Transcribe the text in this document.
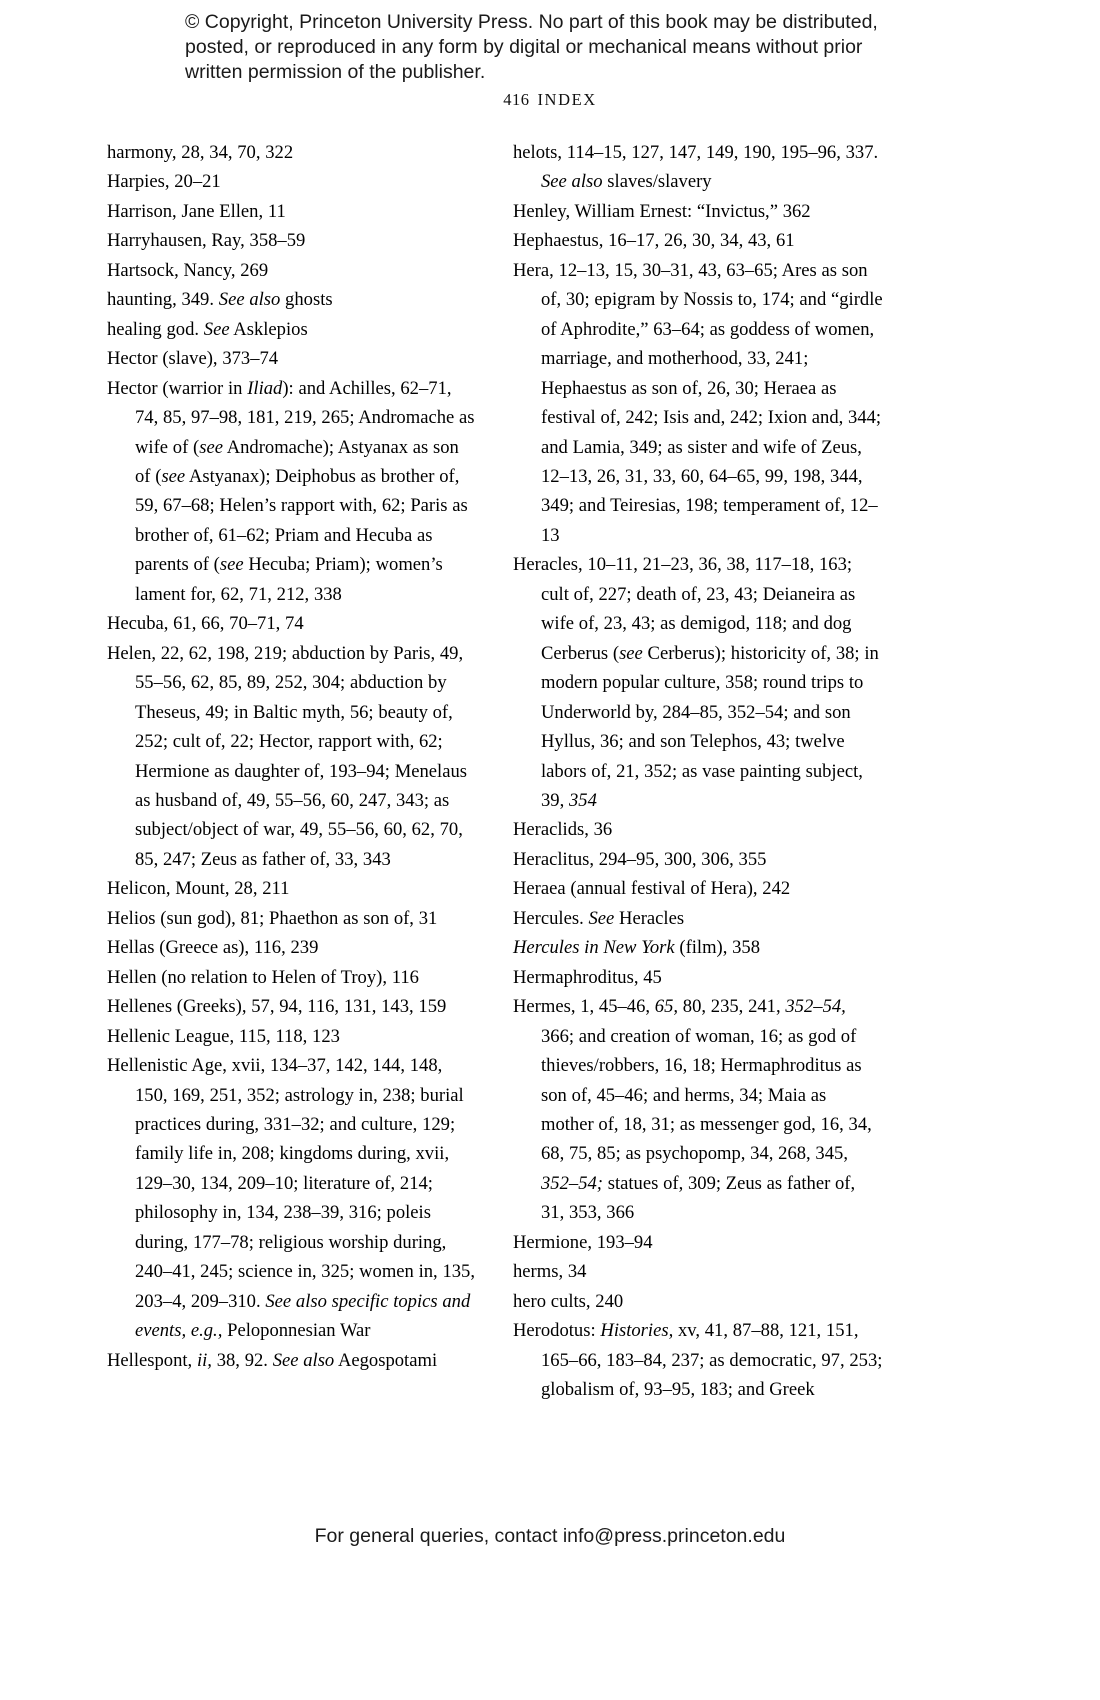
© Copyright, Princeton University Press. No part of this book may be distributed, posted, or reproduced in any form by digital or mechanical means without prior written permission of the publisher.
416 INDEX

harmony, 28, 34, 70, 322

Harpies, 20–21

Harrison, Jane Ellen, 11

Harryhausen, Ray, 358–59

Hartsock, Nancy, 269

haunting, 349. See also ghosts

healing god. See Asklepios

Hector (slave), 373–74

Hector (warrior in Iliad): and Achilles, 62–71, 74, 85, 97–98, 181, 219, 265; Andromache as wife of (see Andromache); Astyanax as son of (see Astyanax); Deiphobus as brother of, 59, 67–68; Helen’s rapport with, 62; Paris as brother of, 61–62; Priam and Hecuba as parents of (see Hecuba; Priam); women’s lament for, 62, 71, 212, 338

Hecuba, 61, 66, 70–71, 74

Helen, 22, 62, 198, 219; abduction by Paris, 49, 55–56, 62, 85, 89, 252, 304; abduction by Theseus, 49; in Baltic myth, 56; beauty of, 252; cult of, 22; Hector, rapport with, 62; Hermione as daughter of, 193–94; Menelaus as husband of, 49, 55–56, 60, 247, 343; as subject/object of war, 49, 55–56, 60, 62, 70, 85, 247; Zeus as father of, 33, 343

Helicon, Mount, 28, 211

Helios (sun god), 81; Phaethon as son of, 31

Hellas (Greece as), 116, 239

Hellen (no relation to Helen of Troy), 116

Hellenes (Greeks), 57, 94, 116, 131, 143, 159

Hellenic League, 115, 118, 123

Hellenistic Age, xvii, 134–37, 142, 144, 148, 150, 169, 251, 352; astrology in, 238; burial practices during, 331–32; and culture, 129; family life in, 208; kingdoms during, xvii, 129–30, 134, 209–10; literature of, 214; philosophy in, 134, 238–39, 316; poleis during, 177–78; religious worship during, 240–41, 245; science in, 325; women in, 135, 203–4, 209–310. See also specific topics and events, e.g., Peloponnesian War

Hellespont, ii, 38, 92. See also Aegospotami

helots, 114–15, 127, 147, 149, 190, 195–96, 337. See also slaves/slavery

Henley, William Ernest: “Invictus,” 362

Hephaestus, 16–17, 26, 30, 34, 43, 61

Hera, 12–13, 15, 30–31, 43, 63–65; Ares as son of, 30; epigram by Nossis to, 174; and “girdle of Aphrodite,” 63–64; as goddess of women, marriage, and motherhood, 33, 241; Hephaestus as son of, 26, 30; Heraea as festival of, 242; Isis and, 242; Ixion and, 344; and Lamia, 349; as sister and wife of Zeus, 12–13, 26, 31, 33, 60, 64–65, 99, 198, 344, 349; and Teiresias, 198; temperament of, 12–13

Heracles, 10–11, 21–23, 36, 38, 117–18, 163; cult of, 227; death of, 23, 43; Deianeira as wife of, 23, 43; as demigod, 118; and dog Cerberus (see Cerberus); historicity of, 38; in modern popular culture, 358; round trips to Underworld by, 284–85, 352–54; and son Hyllus, 36; and son Telephos, 43; twelve labors of, 21, 352; as vase painting subject, 39, 354

Heraclids, 36

Heraclitus, 294–95, 300, 306, 355

Heraea (annual festival of Hera), 242

Hercules. See Heracles

Hercules in New York (film), 358

Hermaphroditus, 45

Hermes, 1, 45–46, 65, 80, 235, 241, 352–54, 366; and creation of woman, 16; as god of thieves/robbers, 16, 18; Hermaphroditus as son of, 45–46; and herms, 34; Maia as mother of, 18, 31; as messenger god, 16, 34, 68, 75, 85; as psychopomp, 34, 268, 345, 352–54; statues of, 309; Zeus as father of, 31, 353, 366

Hermione, 193–94

herms, 34

hero cults, 240

Herodotus: Histories, xv, 41, 87–88, 121, 151, 165–66, 183–84, 237; as democratic, 97, 253; globalism of, 93–95, 183; and Greek

For general queries, contact info@press.princeton.edu
